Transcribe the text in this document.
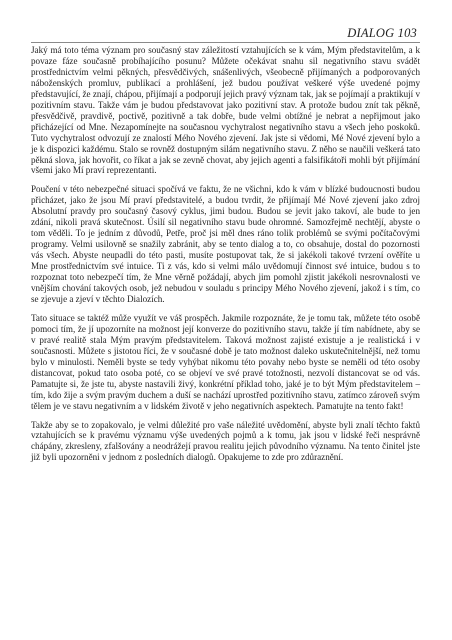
DIALOG 103

Jaký má toto téma význam pro současný stav záležitostí vztahujících se k vám, Mým představitelům, a k povaze fáze současně probíhajícího posunu? Můžete očekávat snahu sil negativního stavu svádět prostřednictvím velmi pěkných, přesvědčivých, snášenlivých, všeobecně přijímaných a podporovaných náboženských promluv, publikací a prohlášení, jež budou používat veškeré výše uvedené pojmy představující, že znají, chápou, přijímají a podporují jejich pravý význam tak, jak se pojímají a praktikují v pozitivním stavu. Takže vám je budou představovat jako pozitivní stav. A protože budou znít tak pěkně, přesvědčivě, pravdivě, poctivě, pozitivně a tak dobře, bude velmi obtížné je nebrat a nepřijmout jako přicházející od Mne. Nezapomínejte na současnou vychytralost negativního stavu a všech jeho poskoků. Tuto vychytralost odvozují ze znalostí Mého Nového zjevení. Jak jste si vědomi, Mé Nové zjevení bylo a je k dispozici každému. Stalo se rovněž dostupným silám negativního stavu. Z něho se naučili veškerá tato pěkná slova, jak hovořit, co říkat a jak se zevně chovat, aby jejich agenti a falsifikátoři mohli být přijímání všemi jako Mí praví reprezentanti.

Poučení v této nebezpečné situaci spočívá ve faktu, že ne všichni, kdo k vám v blízké budoucnosti budou přicházet, jako že jsou Mí praví představitelé, a budou tvrdit, že přijímají Mé Nové zjevení jako zdroj Absolutní pravdy pro současný časový cyklus, jimi budou. Budou se jevit jako takoví, ale bude to jen zdání, nikoli pravá skutečnost. Úsilí sil negativního stavu bude ohromné. Samozřejmě nechtějí, abyste o tom věděli. To je jedním z důvodů, Petře, proč jsi měl dnes ráno tolik problémů se svými počítačovými programy. Velmi usilovně se snažily zabránit, aby se tento dialog a to, co obsahuje, dostal do pozornosti vás všech. Abyste neupadli do této pasti, musíte postupovat tak, že si jakékoli takové tvrzení ověříte u Mne prostřednictvím své intuice. Ti z vás, kdo si velmi málo uvědomují činnost své intuice, budou s to rozpoznat toto nebezpečí tím, že Mne věrně požádají, abych jim pomohl zjistit jakékoli nesrovnalosti ve vnějším chování takových osob, jež nebudou v souladu s principy Mého Nového zjevení, jakož i s tím, co se zjevuje a zjeví v těchto Dialozích.

Tato situace se taktéž může využít ve váš prospěch. Jakmile rozpoznáte, že je tomu tak, můžete této osobě pomoci tím, že jí upozorníte na možnost její konverze do pozitivního stavu, takže jí tím nabídnete, aby se v pravé realitě stala Mým pravým představitelem. Taková možnost zajisté existuje a je realistická i v současnosti. Můžete s jistotou říci, že v současné době je tato možnost daleko uskutečnitelnější, než tomu bylo v minulosti. Neměli byste se tedy vyhýbat nikomu této povahy nebo byste se neměli od této osoby distancovat, pokud tato osoba poté, co se objeví ve své pravé totožnosti, nezvolí distancovat se od vás. Pamatujte si, že jste tu, abyste nastavili živý, konkrétní příklad toho, jaké je to být Mým představitelem – tím, kdo žije a svým pravým duchem a duší se nachází uprostřed pozitivního stavu, zatímco zároveň svým tělem je ve stavu negativním a v lidském životě v jeho negativních aspektech. Pamatujte na tento fakt!

Takže aby se to zopakovalo, je velmi důležité pro vaše náležité uvědomění, abyste byli znalí těchto faktů vztahujících se k pravému významu výše uvedených pojmů a k tomu, jak jsou v lidské řeči nesprávně chápány, zkresleny, zfalšovány a neodrážejí pravou realitu jejich původního významu. Na tento činitel jste již byli upozorněni v jednom z posledních dialogů. Opakujeme to zde pro zdůraznění.
